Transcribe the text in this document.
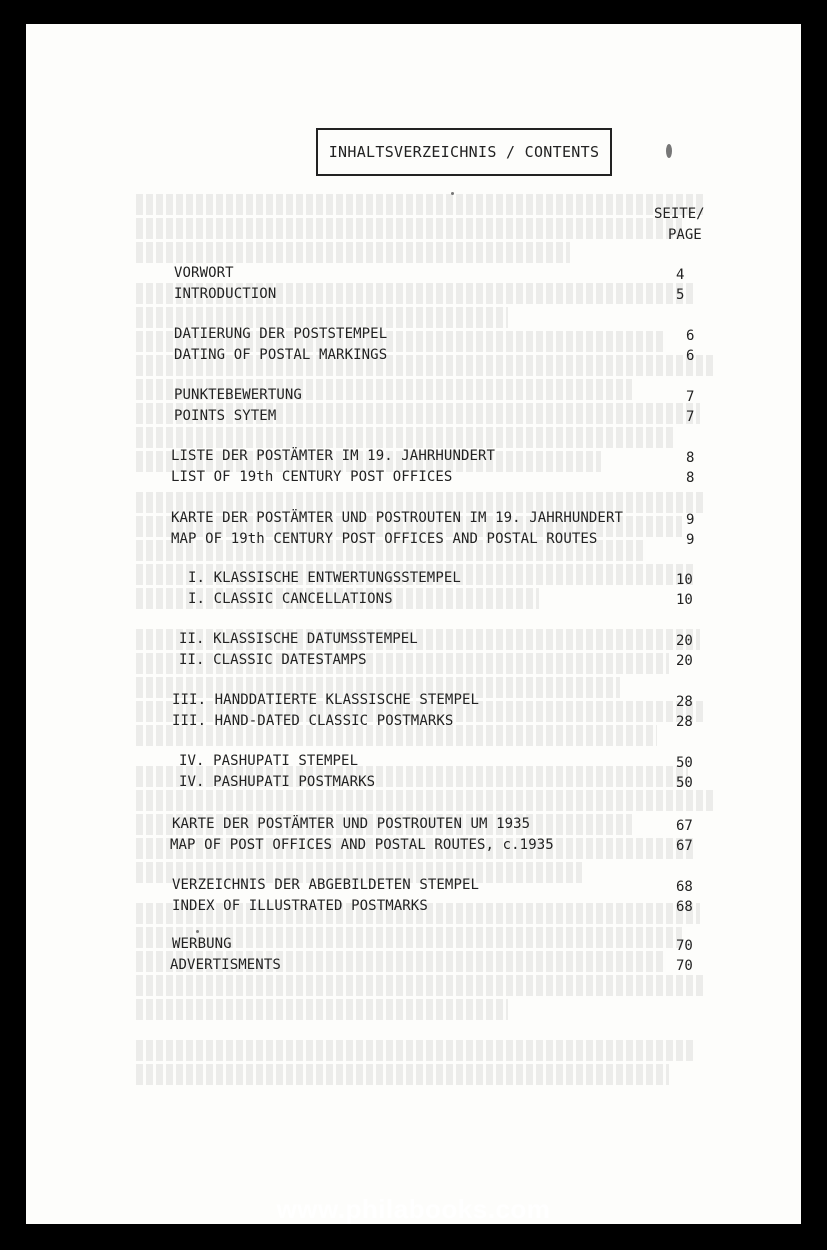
INHALTSVERZEICHNIS / CONTENTS
SEITE/
PAGE
VORWORT
INTRODUCTION
4
5
DATIERUNG DER POSTSTEMPEL
DATING OF POSTAL MARKINGS
6
6
PUNKTEBEWERTUNG
POINTS SYTEM
7
7
LISTE DER POSTÄMTER IM 19. JAHRHUNDERT
LIST OF 19th CENTURY POST OFFICES
8
8
KARTE DER POSTÄMTER UND POSTROUTEN IM 19. JAHRHUNDERT
MAP OF 19th CENTURY POST OFFICES AND POSTAL ROUTES
9
9
I. KLASSISCHE ENTWERTUNGSSTEMPEL
I. CLASSIC CANCELLATIONS
10
10
II. KLASSISCHE DATUMSSTEMPEL
II. CLASSIC DATESTAMPS
20
20
III. HANDDATIERTE KLASSISCHE STEMPEL
III. HAND-DATED CLASSIC POSTMARKS
28
28
IV. PASHUPATI STEMPEL
IV. PASHUPATI POSTMARKS
50
50
KARTE DER POSTÄMTER UND POSTROUTEN UM 1935
MAP OF POST OFFICES AND POSTAL ROUTES, c.1935
67
67
VERZEICHNIS DER ABGEBILDETEN STEMPEL
INDEX OF ILLUSTRATED POSTMARKS
68
68
WERBUNG
ADVERTISMENTS
70
70
www.philabooks.com
